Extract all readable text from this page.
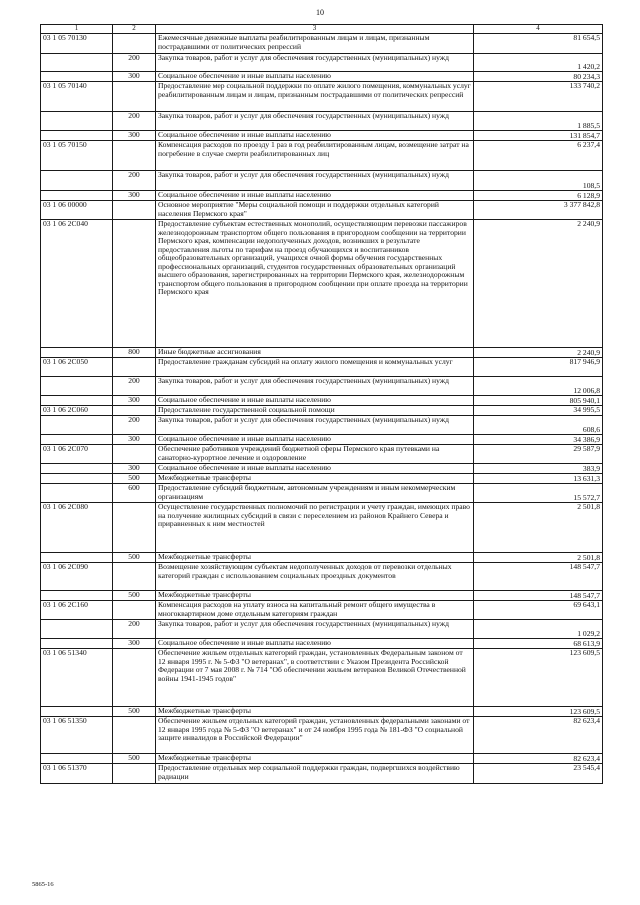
10
1	2	3	4
03 1 05 70130		Ежемесячные денежные выплаты реабилитированным лицам и лицам, признанным пострадавшими от политических репрессий	81 654,5
	200	Закупка товаров, работ и услуг для обеспечения государственных (муниципальных) нужд	1 420,2
	300	Социальное обеспечение и иные выплаты населению	80 234,3
03 1 05 70140		Предоставление мер социальной поддержки по оплате жилого помещения, коммунальных услуг реабилитированным лицам и лицам, признанным пострадавшими от политических репрессий	133 740,2
	200	Закупка товаров, работ и услуг для обеспечения государственных (муниципальных) нужд	1 885,5
	300	Социальное обеспечение и иные выплаты населению	131 854,7
03 1 05 70150		Компенсация расходов по проезду 1 раз в год реабилитированным лицам, возмещение затрат на погребение в случае смерти реабилитированных лиц	6 237,4
	200	Закупка товаров, работ и услуг для обеспечения государственных (муниципальных) нужд	108,5
	300	Социальное обеспечение и иные выплаты населению	6 128,9
03 1 06 00000		Основное мероприятие "Меры социальной помощи и поддержки отдельных категорий населения Пермского края"	3 377 842,8
03 1 06 2С040		Предоставление субъектам естественных монополий, осуществляющим перевозки пассажиров железнодорожным транспортом общего пользования в пригородном сообщении на территории Пермского края, компенсации недополученных доходов, возникших в результате предоставления льготы по тарифам на проезд обучающихся и воспитанников общеобразовательных организаций, учащихся очной формы обучения государственных профессиональных организаций, студентов государственных образовательных организаций высшего образования, зарегистрированных на территории Пермского края, железнодорожным транспортом общего пользования в пригородном сообщении при оплате проезда на территории Пермского края	2 240,9
	800	Иные бюджетные ассигнования	2 240,9
03 1 06 2С050		Предоставление гражданам субсидий на оплату жилого помещения и коммунальных услуг	817 946,9
	200	Закупка товаров, работ и услуг для обеспечения государственных (муниципальных) нужд	12 006,8
	300	Социальное обеспечение и иные выплаты населению	805 940,1
03 1 06 2С060		Предоставление государственной социальной помощи	34 995,5
	200	Закупка товаров, работ и услуг для обеспечения государственных (муниципальных) нужд	608,6
	300	Социальное обеспечение и иные выплаты населению	34 386,9
03 1 06 2С070		Обеспечение работников учреждений бюджетной сферы Пермского края путевками на санаторно-курортное лечение и оздоровление	29 587,9
	300	Социальное обеспечение и иные выплаты населению	383,9
	500	Межбюджетные трансферты	13 631,3
	600	Предоставление субсидий бюджетным, автономным учреждениям и иным некоммерческим организациям	15 572,7
03 1 06 2С080		Осуществление государственных полномочий по регистрации и учету граждан, имеющих право на получение жилищных субсидий в связи с переселением из районов Крайнего Севера и приравненных к ним местностей	2 501,8
	500	Межбюджетные трансферты	2 501,8
03 1 06 2С090		Возмещение хозяйствующим субъектам недополученных доходов от перевозки отдельных категорий граждан с использованием социальных проездных документов	148 547,7
	500	Межбюджетные трансферты	148 547,7
03 1 06 2С160		Компенсация расходов на уплату взноса на капитальный ремонт общего имущества в многоквартирном доме отдельным категориям граждан	69 643,1
	200	Закупка товаров, работ и услуг для обеспечения государственных (муниципальных) нужд	1 029,2
	300	Социальное обеспечение и иные выплаты населению	68 613,9
03 1 06 51340		Обеспечение жильем отдельных категорий граждан, установленных Федеральным законом от 12 января 1995 г. № 5-ФЗ "О ветеранах", в соответствии с Указом Президента Российской Федерации от 7 мая 2008 г. № 714 "Об обеспечении жильем ветеранов Великой Отечественной войны 1941-1945 годов"	123 609,5
	500	Межбюджетные трансферты	123 609,5
03 1 06 51350		Обеспечение жильем отдельных категорий граждан, установленных федеральными законами от 12 января 1995 года № 5-ФЗ "О ветеранах" и от 24 ноября 1995 года № 181-ФЗ "О социальной защите инвалидов в Российской Федерации"	82 623,4
	500	Межбюджетные трансферты	82 623,4
03 1 06 51370		Предоставление отдельных мер социальной поддержки граждан, подвергшихся воздействию радиации	23 545,4
5865-16
